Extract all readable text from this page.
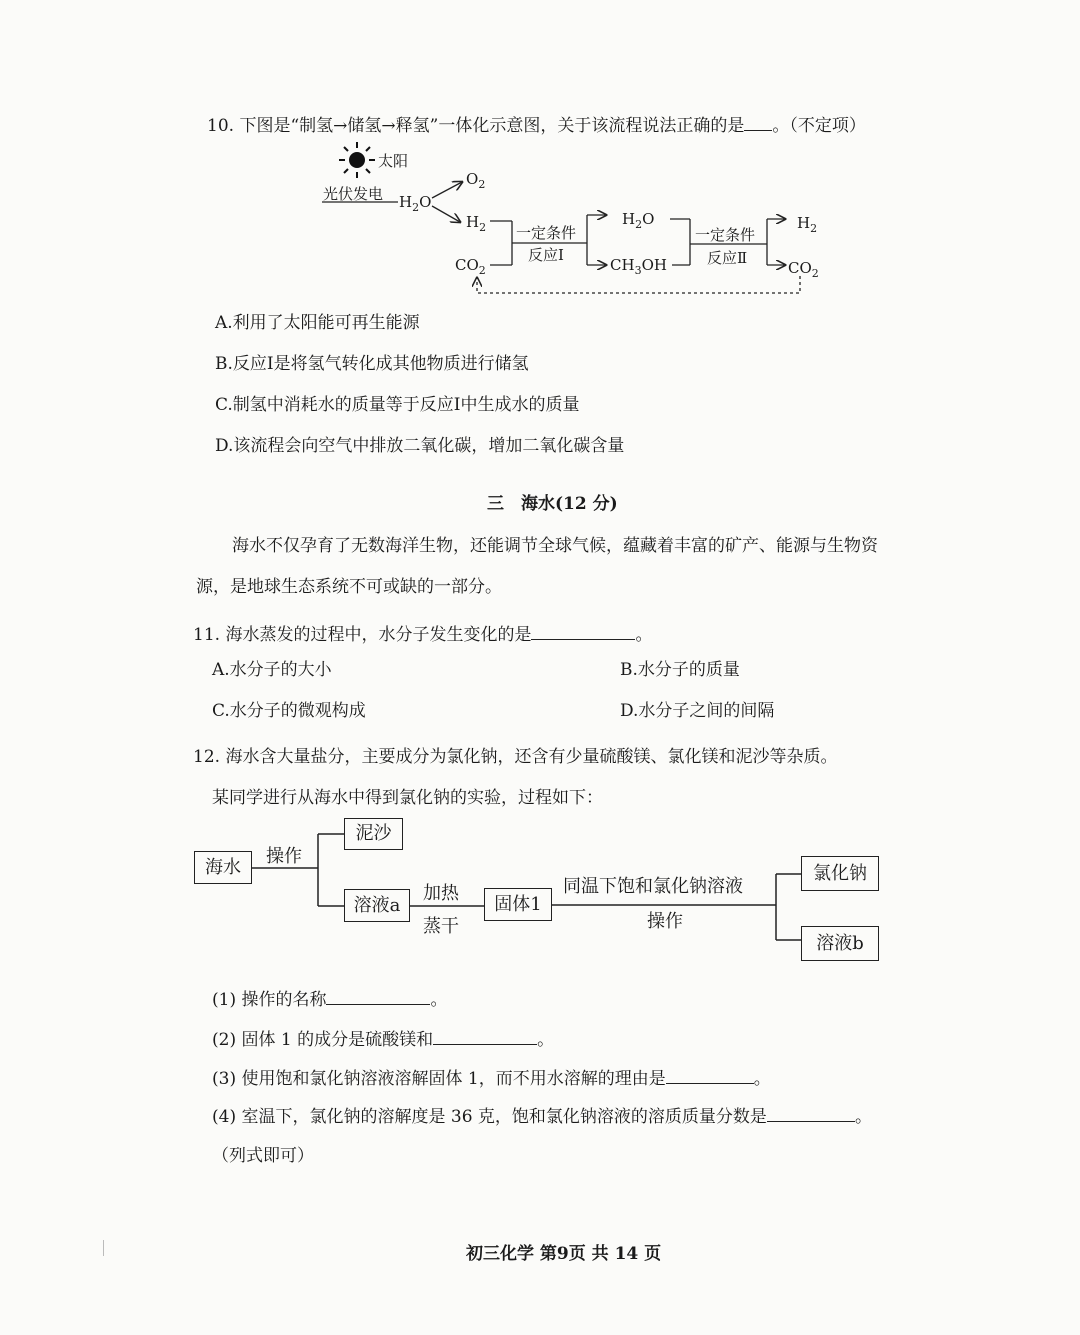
10. 下图是“制氢→储氢→释氢”一体化示意图，关于该流程说法正确的是 。（不定项）
太阳
光伏发电 $H_2O$
$O_2$
$H_2$
$CO_2$
一定条件
反应Ⅰ
$H_2O$
$CH_3OH$
一定条件
反应Ⅱ
$H_2$
$CO_2$
A.利用了太阳能可再生能源
B.反应Ⅰ是将氢气转化成其他物质进行储氢
C.制氢中消耗水的质量等于反应Ⅰ中生成水的质量
D.该流程会向空气中排放二氧化碳，增加二氧化碳含量
三　海水(12 分)
海水不仅孕育了无数海洋生物，还能调节全球气候，蕴藏着丰富的矿产、能源与生物资
源，是地球生态系统不可或缺的一部分。
11. 海水蒸发的过程中，水分子发生变化的是	。
A.水分子的大小	B.水分子的质量
C.水分子的微观构成	D.水分子之间的间隔
12. 海水含大量盐分，主要成分为氯化钠，还含有少量硫酸镁、氯化镁和泥沙等杂质。
某同学进行从海水中得到氯化钠的实验，过程如下：
海水
操作
泥沙
溶液a
加热
蒸干
固体1
同温下饱和氯化钠溶液
操作
氯化钠
溶液b
(1) 操作的名称	。
(2) 固体 1 的成分是硫酸镁和	。
(3) 使用饱和氯化钠溶液溶解固体 1，而不用水溶解的理由是	。
(4) 室温下，氯化钠的溶解度是 36 克，饱和氯化钠溶液的溶质质量分数是	。
（列式即可）
初三化学 第9页 共 14 页
